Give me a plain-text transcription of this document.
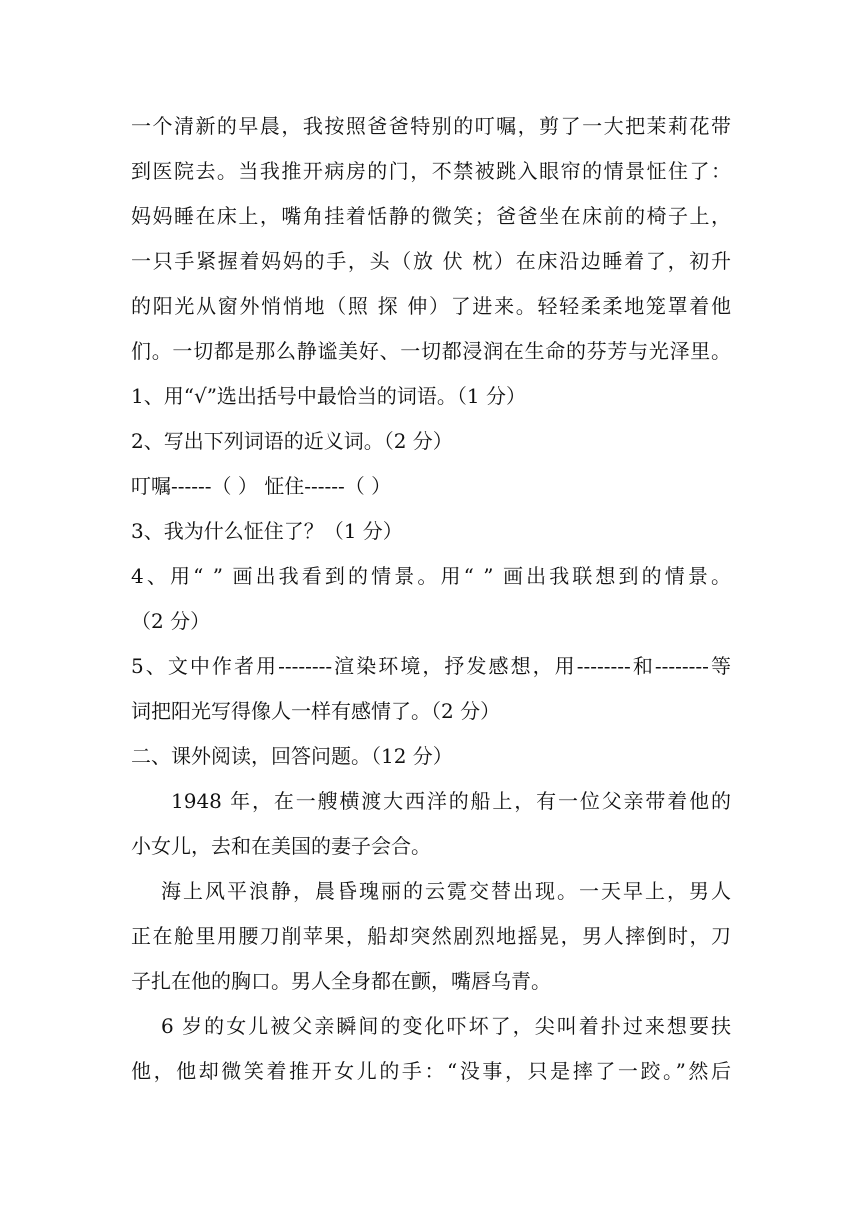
一个清新的早晨，我按照爸爸特别的叮嘱，剪了一大把茉莉花带
到医院去。当我推开病房的门，不禁被跳入眼帘的情景怔住了：
妈妈睡在床上，嘴角挂着恬静的微笑；爸爸坐在床前的椅子上，
一只手紧握着妈妈的手，头（放 伏 枕）在床沿边睡着了，初升
的阳光从窗外悄悄地（照 探 伸）了进来。轻轻柔柔地笼罩着他
们。一切都是那么静谧美好、一切都浸润在生命的芬芳与光泽里。
1、用“√”选出括号中最恰当的词语。（1 分）
2、写出下列词语的近义词。（2 分）
叮嘱------（ ） 怔住------（ ）
3、我为什么怔住了？（1 分）
4、用“ ” 画出我看到的情景。用“ ” 画出我联想到的情景。
（2 分）
5、文中作者用--------渲染环境，抒发感想，用--------和--------等
词把阳光写得像人一样有感情了。（2 分）
二、课外阅读，回答问题。（12 分）
1948 年，在一艘横渡大西洋的船上，有一位父亲带着他的
小女儿，去和在美国的妻子会合。
海上风平浪静，晨昏瑰丽的云霓交替出现。一天早上，男人
正在舱里用腰刀削苹果，船却突然剧烈地摇晃，男人摔倒时，刀
子扎在他的胸口。男人全身都在颤，嘴唇乌青。
6 岁的女儿被父亲瞬间的变化吓坏了，尖叫着扑过来想要扶
他，他却微笑着推开女儿的手：“没事，只是摔了一跤。”然后
